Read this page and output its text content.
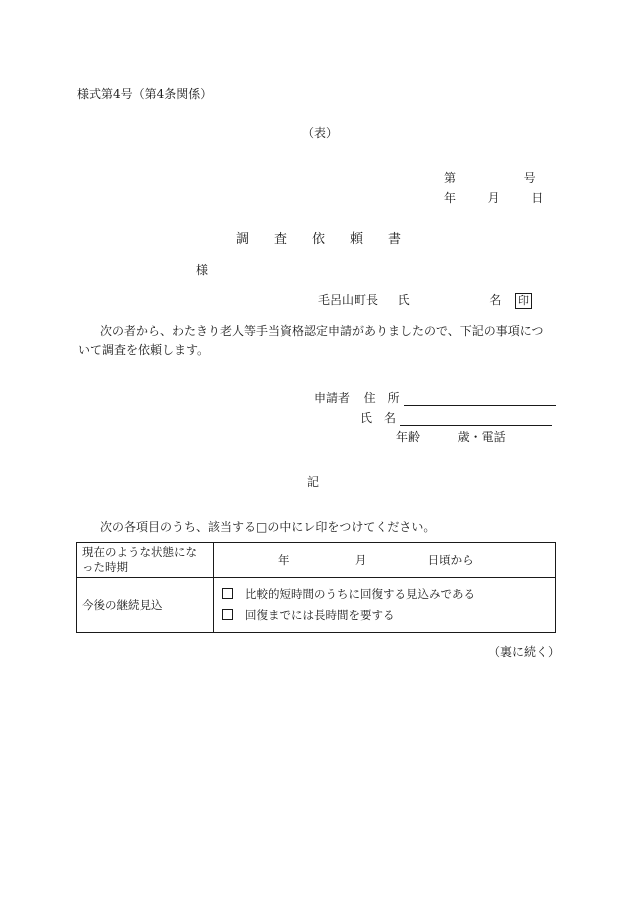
様式第4号（第4条関係）
（表）
第	号
年	月	日
調 査 依 頼 書
様
毛呂山町長 氏	名 印
次の者から、わたきり老人等手当資格認定申請がありましたので、下記の事項について調査を依頼します。
申請者 住　所
氏　名
年齢	歳・電話
記
次の各項目のうち、該当する□の中にレ印をつけてください。
現在のような状態になった時期	年 月 日頃から
今後の継続見込	比較的短時間のうちに回復する見込みである
回復までには長時間を要する
（裏に続く）
